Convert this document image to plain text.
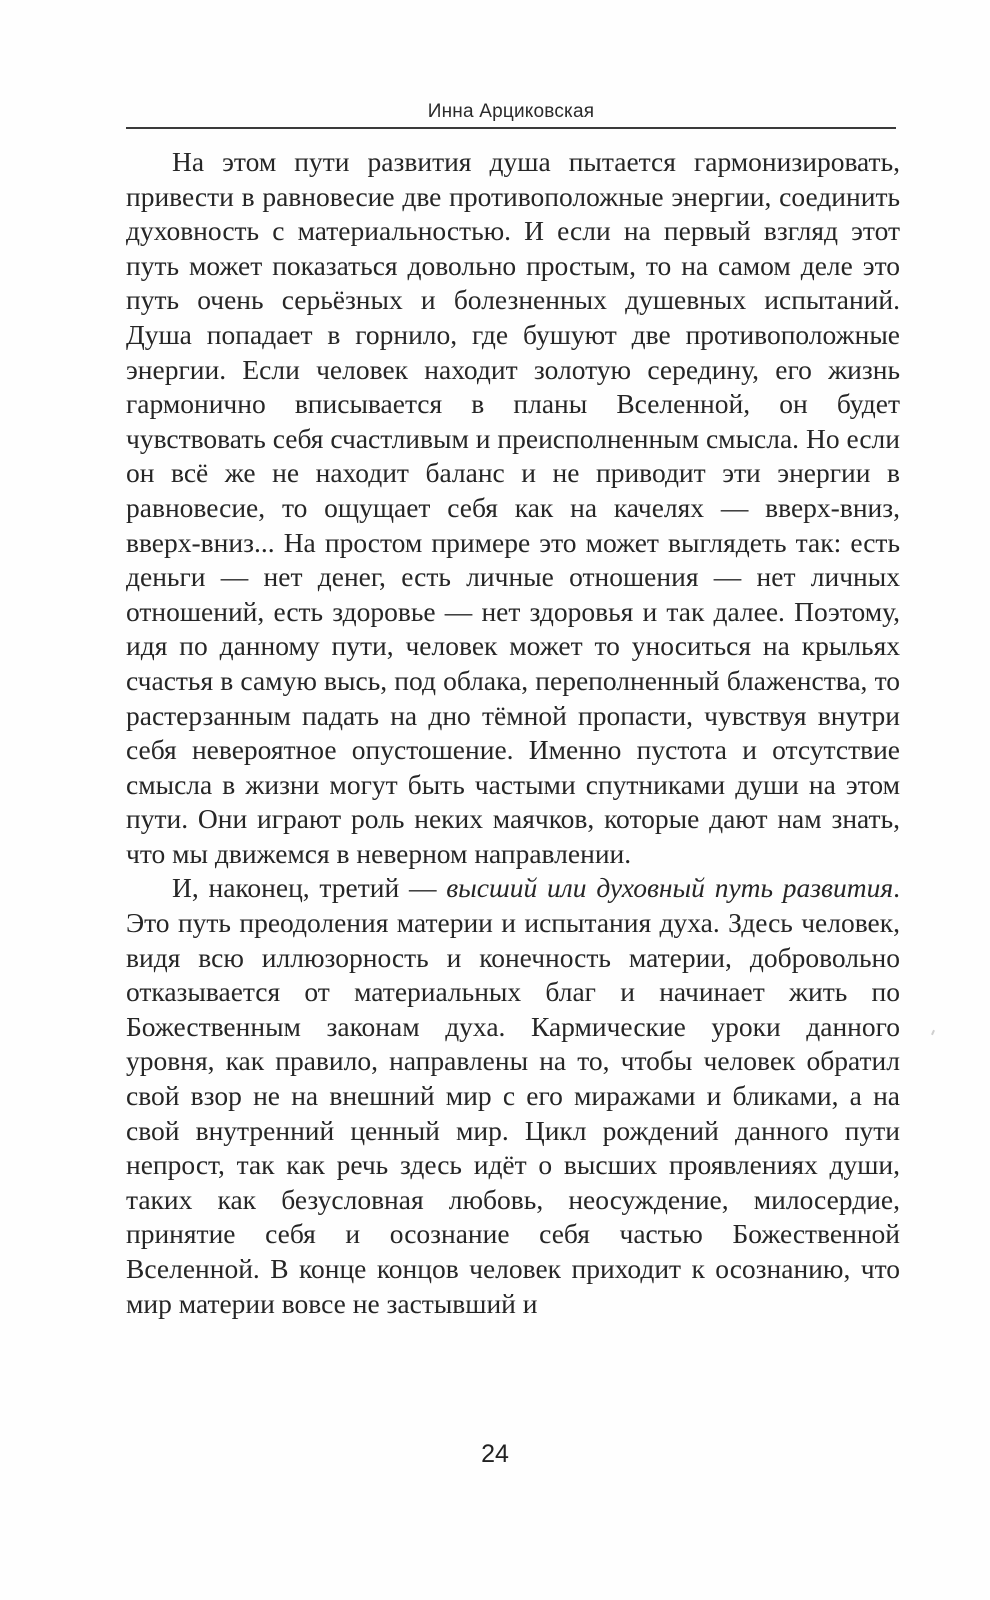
Инна Арциковская

На этом пути развития душа пытается гармонизировать, привести в равновесие две противоположные энергии, соединить духовность с материальностью. И если на первый взгляд этот путь может показаться довольно простым, то на самом деле это путь очень серьёзных и болезненных душевных испытаний. Душа попадает в горнило, где бушуют две противоположные энергии. Если человек находит золотую середину, его жизнь гармонично вписывается в планы Вселенной, он будет чувствовать себя счастливым и преисполненным смысла. Но если он всё же не находит баланс и не приводит эти энергии в равновесие, то ощущает себя как на качелях — вверх-вниз, вверх-вниз... На простом примере это может выглядеть так: есть деньги — нет денег, есть личные отношения — нет личных отношений, есть здоровье — нет здоровья и так далее. Поэтому, идя по данному пути, человек может то уноситься на крыльях счастья в самую высь, под облака, переполненный блаженства, то растерзанным падать на дно тёмной пропасти, чувствуя внутри себя невероятное опустошение. Именно пустота и отсутствие смысла в жизни могут быть частыми спутниками души на этом пути. Они играют роль неких маячков, которые дают нам знать, что мы движемся в неверном направлении.

И, наконец, третий — высший или духовный путь развития. Это путь преодоления материи и испытания духа. Здесь человек, видя всю иллюзорность и конечность материи, добровольно отказывается от материальных благ и начинает жить по Божественным законам духа. Кармические уроки данного уровня, как правило, направлены на то, чтобы человек обратил свой взор не на внешний мир с его миражами и бликами, а на свой внутренний ценный мир. Цикл рождений данного пути непрост, так как речь здесь идёт о высших проявлениях души, таких как безусловная любовь, неосуждение, милосердие, принятие себя и осознание себя частью Божественной Вселенной. В конце концов человек приходит к осознанию, что мир материи вовсе не застывший и

24
